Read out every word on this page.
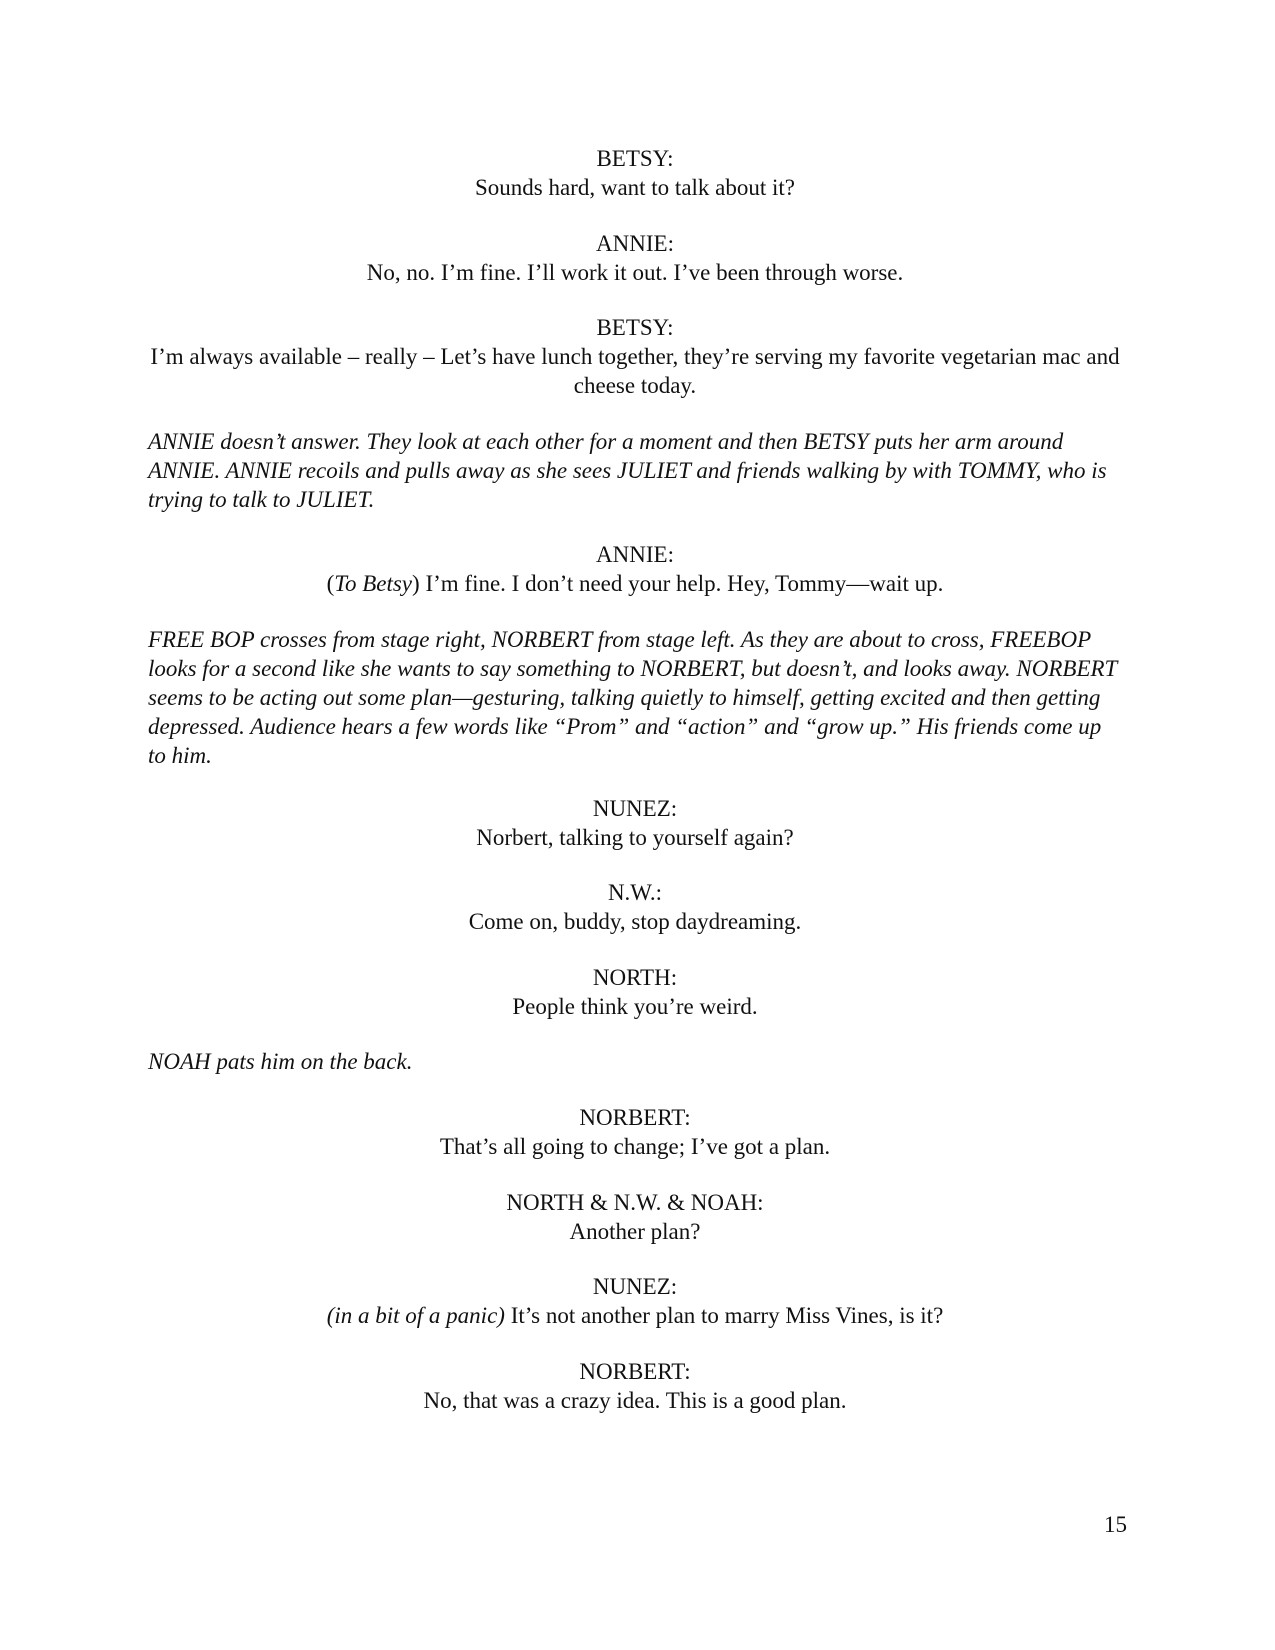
BETSY:
Sounds hard, want to talk about it?
ANNIE:
No, no. I’m fine. I’ll work it out. I’ve been through worse.
BETSY:
I’m always available – really – Let’s have lunch together, they’re serving my favorite vegetarian mac and cheese today.
ANNIE doesn’t answer. They look at each other for a moment and then BETSY puts her arm around ANNIE. ANNIE recoils and pulls away as she sees JULIET and friends walking by with TOMMY, who is trying to talk to JULIET.
ANNIE:
(To Betsy) I’m fine. I don’t need your help. Hey, Tommy—wait up.
FREE BOP crosses from stage right, NORBERT from stage left. As they are about to cross, FREEBOP looks for a second like she wants to say something to NORBERT, but doesn’t, and looks away. NORBERT seems to be acting out some plan—gesturing, talking quietly to himself, getting excited and then getting depressed. Audience hears a few words like “Prom” and “action” and “grow up.” His friends come up to him.
NUNEZ:
Norbert, talking to yourself again?
N.W.:
Come on, buddy, stop daydreaming.
NORTH:
People think you’re weird.
NOAH pats him on the back.
NORBERT:
That’s all going to change; I’ve got a plan.
NORTH & N.W. & NOAH:
Another plan?
NUNEZ:
(in a bit of a panic) It’s not another plan to marry Miss Vines, is it?
NORBERT:
No, that was a crazy idea. This is a good plan.
15
